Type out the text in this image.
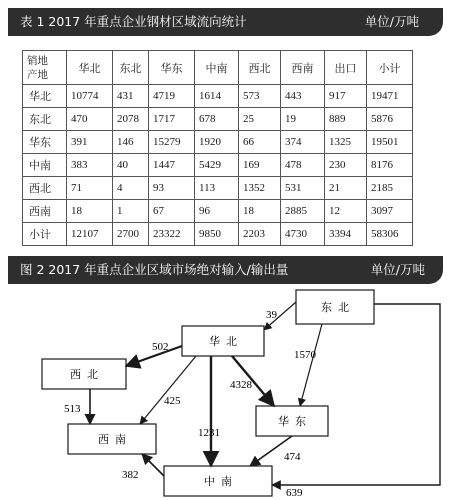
表 1 2017 年重点企业钢材区域流向统计	单位/万吨
销地
产地	华北	东北	华东	中南	西北	西南	出口	小计
华北	10774	431	4719	1614	573	443	917	19471
东北	470	2078	1717	678	25	19	889	5876
华东	391	146	15279	1920	66	374	1325	19501
中南	383	40	1447	5429	169	478	230	8176
西北	71	4	93	113	1352	531	21	2185
西南	18	1	67	96	18	2885	12	3097
小计	12107	2700	23322	9850	2203	4730	3394	58306
图 2 2017 年重点企业区域市场绝对输入/输出量	单位/万吨
东北
华北
西北
华东
西南
中南
39
502
1570
513
425
4328
1231
474
382
639
